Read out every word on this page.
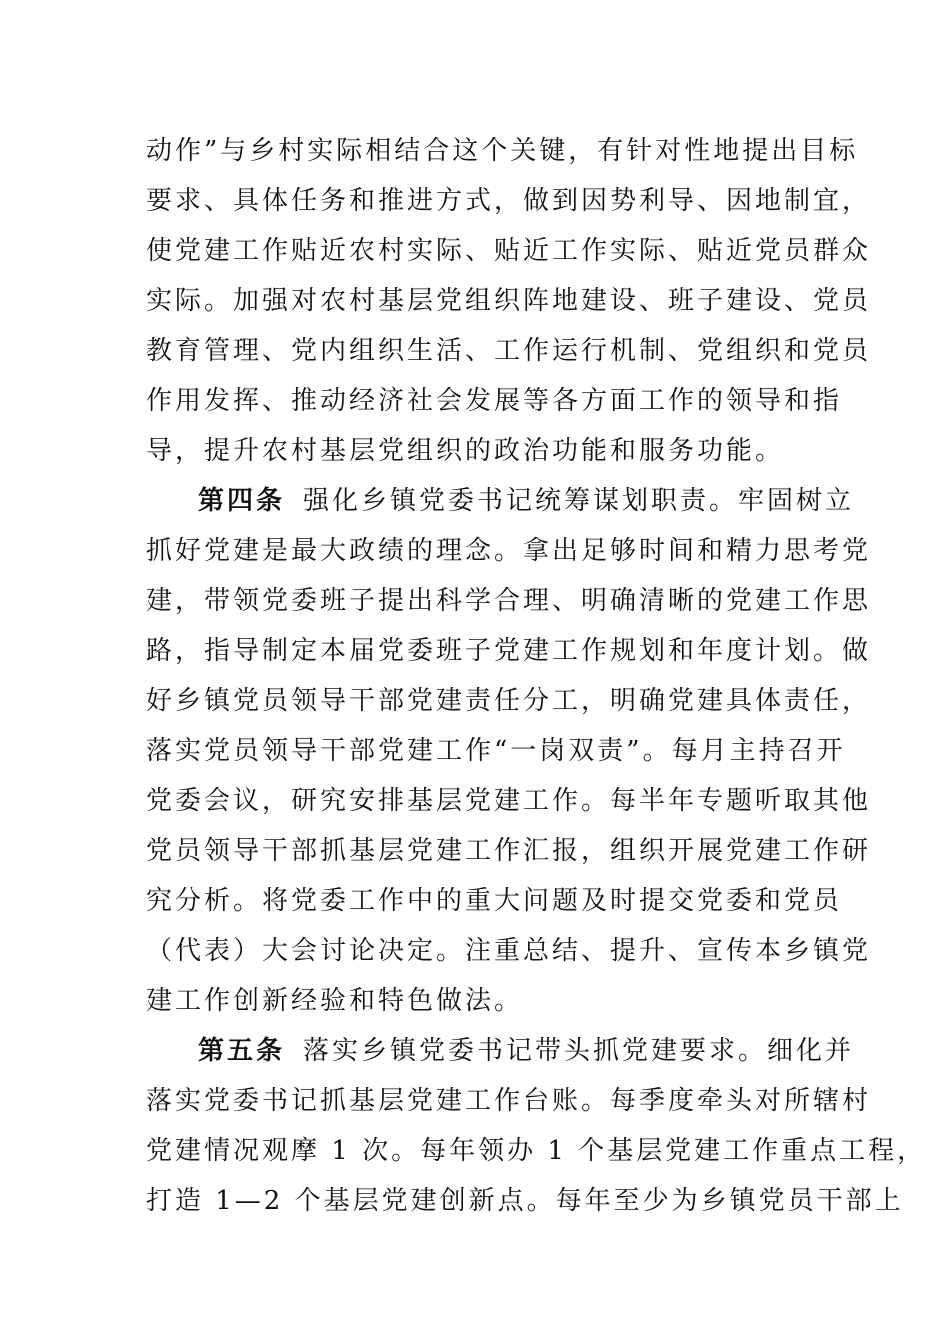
动作”与乡村实际相结合这个关键，有针对性地提出目标
要求、具体任务和推进方式，做到因势利导、因地制宜，
使党建工作贴近农村实际、贴近工作实际、贴近党员群众
实际。加强对农村基层党组织阵地建设、班子建设、党员
教育管理、党内组织生活、工作运行机制、党组织和党员
作用发挥、推动经济社会发展等各方面工作的领导和指
导，提升农村基层党组织的政治功能和服务功能。
第四条 强化乡镇党委书记统筹谋划职责。牢固树立
抓好党建是最大政绩的理念。拿出足够时间和精力思考党
建，带领党委班子提出科学合理、明确清晰的党建工作思
路，指导制定本届党委班子党建工作规划和年度计划。做
好乡镇党员领导干部党建责任分工，明确党建具体责任，
落实党员领导干部党建工作“一岗双责”。每月主持召开
党委会议，研究安排基层党建工作。每半年专题听取其他
党员领导干部抓基层党建工作汇报，组织开展党建工作研
究分析。将党委工作中的重大问题及时提交党委和党员
（代表）大会讨论决定。注重总结、提升、宣传本乡镇党
建工作创新经验和特色做法。
第五条 落实乡镇党委书记带头抓党建要求。细化并
落实党委书记抓基层党建工作台账。每季度牵头对所辖村
党建情况观摩 1 次。每年领办 1 个基层党建工作重点工程，
打造 1—2 个基层党建创新点。每年至少为乡镇党员干部上
